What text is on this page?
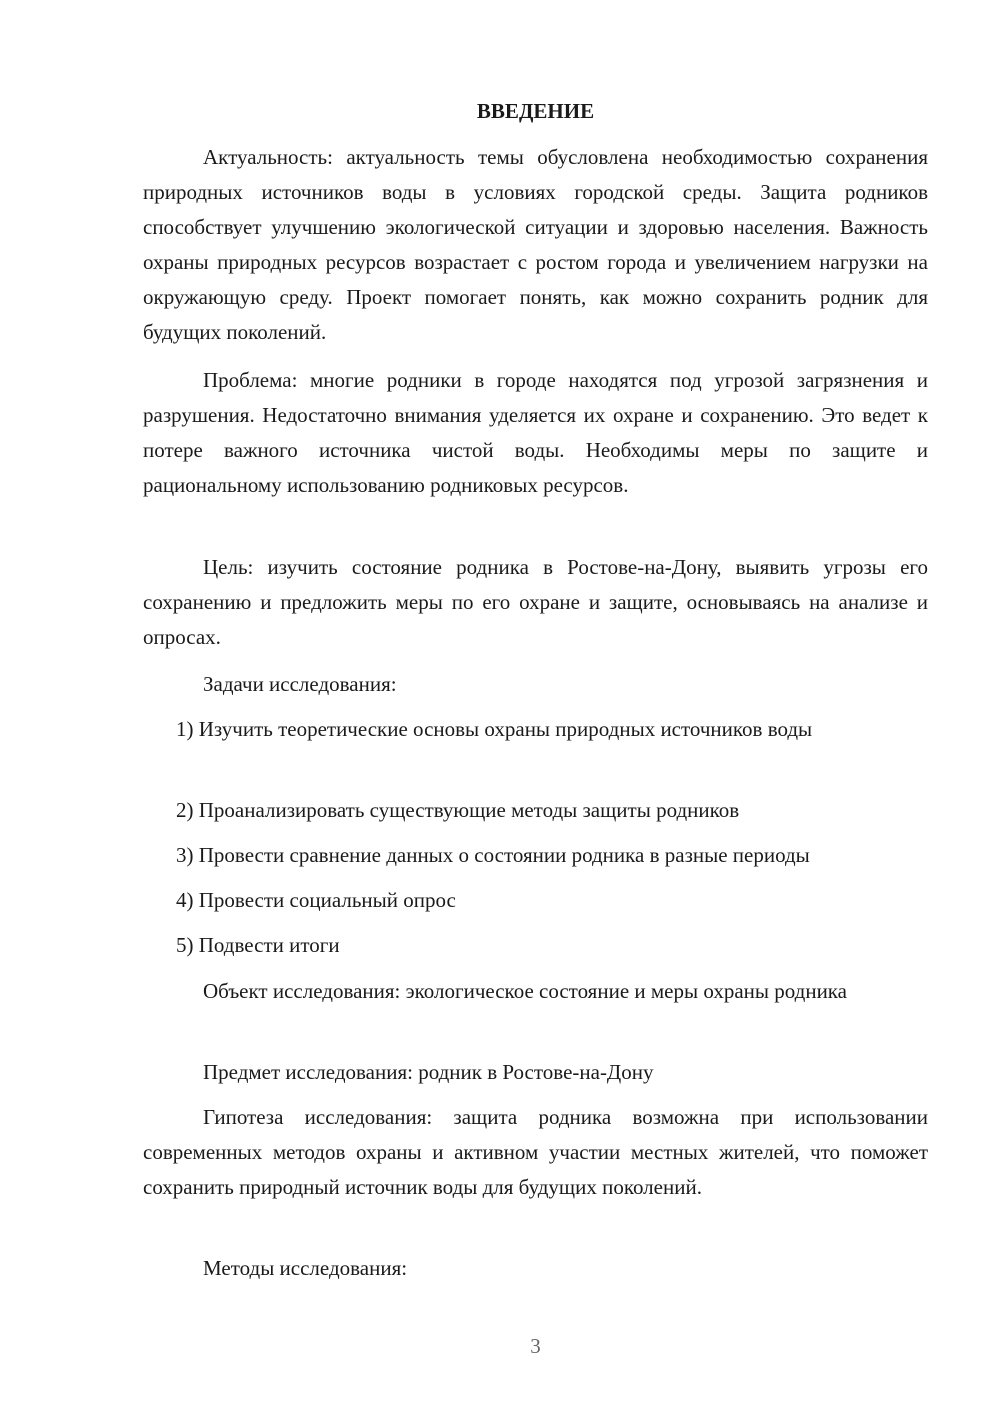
ВВЕДЕНИЕ

Актуальность: актуальность темы обусловлена необходимостью сохранения природных источников воды в условиях городской среды. Защита родников способствует улучшению экологической ситуации и здоровью населения. Важность охраны природных ресурсов возрастает с ростом города и увеличением нагрузки на окружающую среду. Проект помогает понять, как можно сохранить родник для будущих поколений.

Проблема: многие родники в городе находятся под угрозой загрязнения и разрушения. Недостаточно внимания уделяется их охране и сохранению. Это ведет к потере важного источника чистой воды. Необходимы меры по защите и рациональному использованию родниковых ресурсов.

Цель: изучить состояние родника в Ростове-на-Дону, выявить угрозы его сохранению и предложить меры по его охране и защите, основываясь на анализе и опросах.

Задачи исследования:

1) Изучить теоретические основы охраны природных источников воды

2) Проанализировать существующие методы защиты родников
3) Провести сравнение данных о состоянии родника в разные периоды
4) Провести социальный опрос
5) Подвести итоги

Объект исследования: экологическое состояние и меры охраны родника

Предмет исследования: родник в Ростове-на-Дону

Гипотеза исследования: защита родника возможна при использовании современных методов охраны и активном участии местных жителей, что поможет сохранить природный источник воды для будущих поколений.

Методы исследования:

3
